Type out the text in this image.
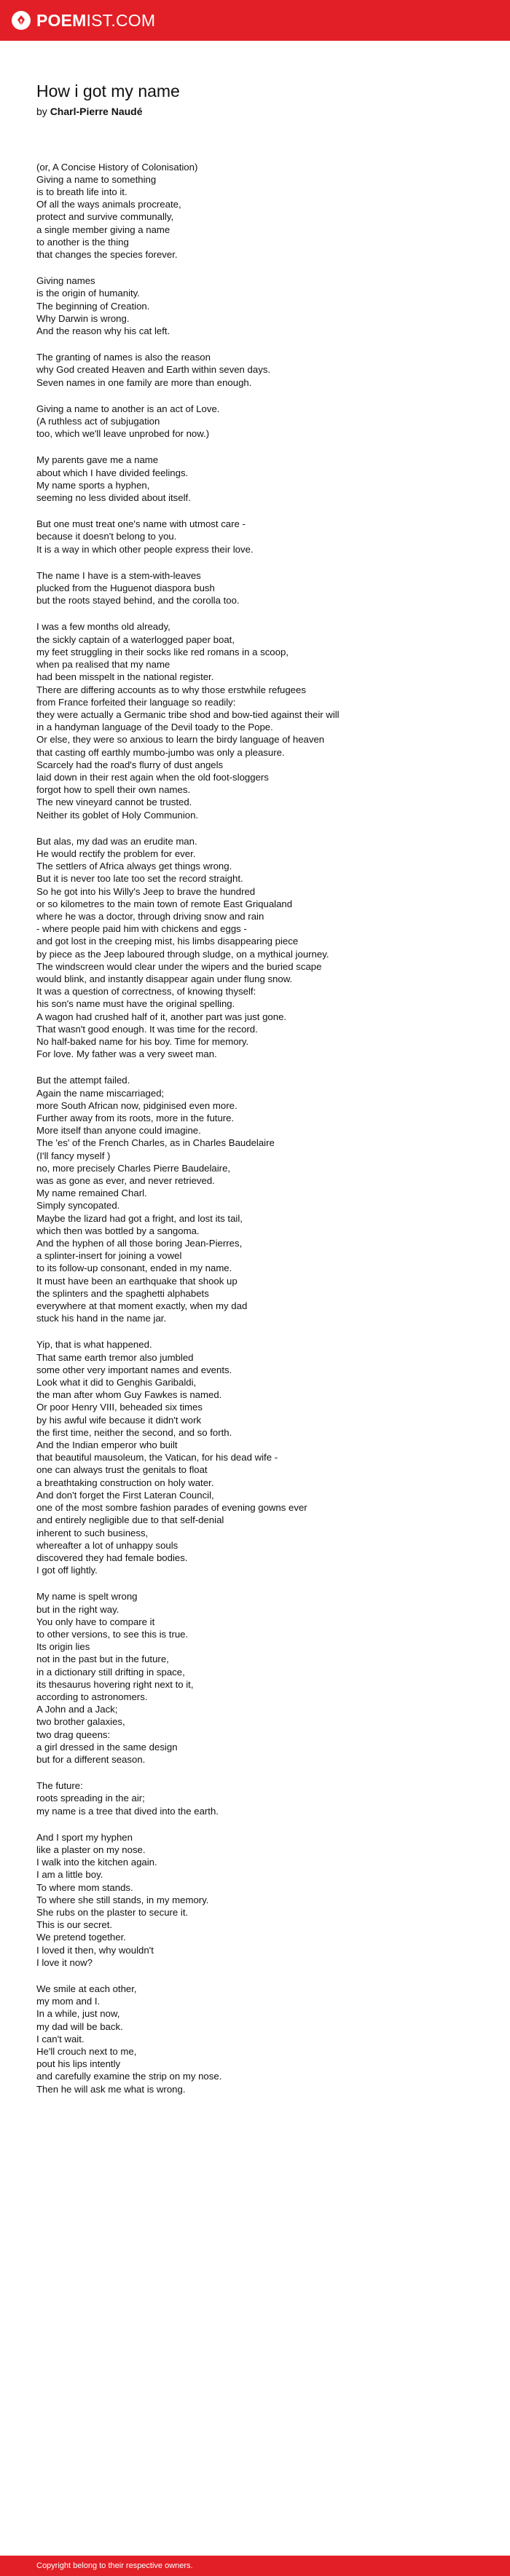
POEMIST.COM
How i got my name
by Charl-Pierre Naudé
(or, A Concise History of Colonisation)
Giving a name to something
is to breath life into it.
Of all the ways animals procreate,
protect and survive communally,
a single member giving a name
to another is the thing
that changes the species forever.
Giving names
is the origin of humanity.
The beginning of Creation.
Why Darwin is wrong.
And the reason why his cat left.
The granting of names is also the reason
why God created Heaven and Earth within seven days.
Seven names in one family are more than enough.
Giving a name to another is an act of Love.
(A ruthless act of subjugation
too, which we'll leave unprobed for now.)
My parents gave me a name
about which I have divided feelings.
My name sports a hyphen,
seeming no less divided about itself.
But one must treat one's name with utmost care -
because it doesn't belong to you.
It is a way in which other people express their love.
The name I have is a stem-with-leaves
plucked from the Huguenot diaspora bush
but the roots stayed behind, and the corolla too.
I was a few months old already,
the sickly captain of a waterlogged paper boat,
my feet struggling in their socks like red romans in a scoop,
when pa realised that my name
had been misspelt in the national register.
There are differing accounts as to why those erstwhile refugees
from France forfeited their language so readily:
they were actually a Germanic tribe shod and bow-tied against their will
in a handyman language of the Devil toady to the Pope.
Or else, they were so anxious to learn the birdy language of heaven
that casting off earthly mumbo-jumbo was only a pleasure.
Scarcely had the road's flurry of dust angels
laid down in their rest again when the old foot-sloggers
forgot how to spell their own names.
The new vineyard cannot be trusted.
Neither its goblet of Holy Communion.
But alas, my dad was an erudite man.
He would rectify the problem for ever.
The settlers of Africa always get things wrong.
But it is never too late too set the record straight.
So he got into his Willy's Jeep to brave the hundred
or so kilometres to the main town of remote East Griqualand
where he was a doctor, through driving snow and rain
- where people paid him with chickens and eggs -
and got lost in the creeping mist, his limbs disappearing piece
by piece as the Jeep laboured through sludge, on a mythical journey.
The windscreen would clear under the wipers and the buried scape
would blink, and instantly disappear again under flung snow.
It was a question of correctness, of knowing thyself:
his son's name must have the original spelling.
A wagon had crushed half of it, another part was just gone.
That wasn't good enough. It was time for the record.
No half-baked name for his boy. Time for memory.
For love. My father was a very sweet man.
But the attempt failed.
Again the name miscarriaged;
more South African now, pidginised even more.
Further away from its roots, more in the future.
More itself than anyone could imagine.
The 'es' of the French Charles, as in Charles Baudelaire
(I'll fancy myself )
no, more precisely Charles Pierre Baudelaire,
was as gone as ever, and never retrieved.
My name remained Charl.
Simply syncopated.
Maybe the lizard had got a fright, and lost its tail,
which then was bottled by a sangoma.
And the hyphen of all those boring Jean-Pierres,
a splinter-insert for joining a vowel
to its follow-up consonant, ended in my name.
It must have been an earthquake that shook up
the splinters and the spaghetti alphabets
everywhere at that moment exactly, when my dad
stuck his hand in the name jar.
Yip, that is what happened.
That same earth tremor also jumbled
some other very important names and events.
Look what it did to Genghis Garibaldi,
the man after whom Guy Fawkes is named.
Or poor Henry VIII, beheaded six times
by his awful wife because it didn't work
the first time, neither the second, and so forth.
And the Indian emperor who built
that beautiful mausoleum, the Vatican, for his dead wife -
one can always trust the genitals to float
a breathtaking construction on holy water.
And don't forget the First Lateran Council,
one of the most sombre fashion parades of evening gowns ever
and entirely negligible due to that self-denial
inherent to such business,
whereafter a lot of unhappy souls
discovered they had female bodies.
I got off lightly.
My name is spelt wrong
but in the right way.
You only have to compare it
to other versions, to see this is true.
Its origin lies
not in the past but in the future,
in a dictionary still drifting in space,
its thesaurus hovering right next to it,
according to astronomers.
A John and a Jack;
two brother galaxies,
two drag queens:
a girl dressed in the same design
but for a different season.
The future:
roots spreading in the air;
my name is a tree that dived into the earth.
And I sport my hyphen
like a plaster on my nose.
I walk into the kitchen again.
I am a little boy.
To where mom stands.
To where she still stands, in my memory.
She rubs on the plaster to secure it.
This is our secret.
We pretend together.
I loved it then, why wouldn't
I love it now?
We smile at each other,
my mom and I.
In a while, just now,
my dad will be back.
I can't wait.
He'll crouch next to me,
pout his lips intently
and carefully examine the strip on my nose.
Then he will ask me what is wrong.
Copyright belong to their respective owners.
